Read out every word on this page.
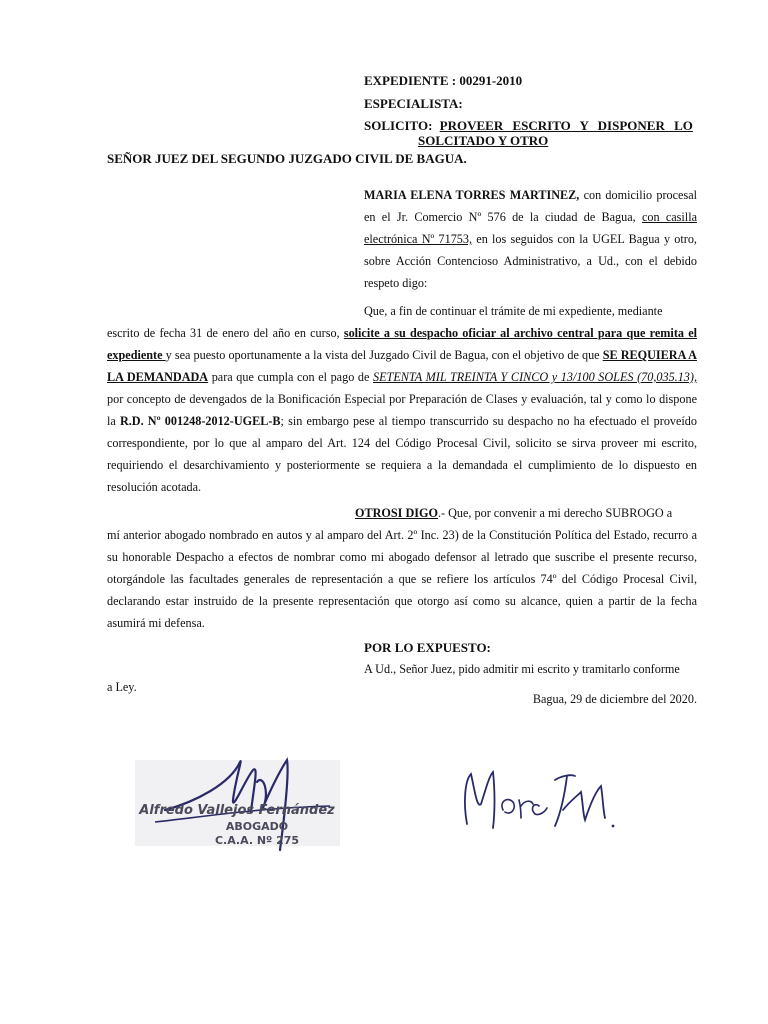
EXPEDIENTE : 00291-2010
ESPECIALISTA:
SOLICITO: PROVEER ESCRITO Y DISPONER LO
SOLCITADO Y OTRO
SEÑOR JUEZ DEL SEGUNDO JUZGADO CIVIL DE BAGUA.
MARIA ELENA TORRES MARTINEZ, con domicilio procesal en el Jr. Comercio Nº 576 de la ciudad de Bagua, con casilla electrónica Nº 71753, en los seguidos con la UGEL Bagua y otro, sobre Acción Contencioso Administrativo, a Ud., con el debido respeto digo:
Que, a fin de continuar el trámite de mi expediente, mediante
escrito de fecha 31 de enero del año en curso, solicite a su despacho oficiar al archivo central para que remita el expediente y sea puesto oportunamente a la vista del Juzgado Civil de Bagua, con el objetivo de que SE REQUIERA A LA DEMANDADA para que cumpla con el pago de SETENTA MIL TREINTA Y CINCO y 13/100 SOLES (70,035.13), por concepto de devengados de la Bonificación Especial por Preparación de Clases y evaluación, tal y como lo dispone la R.D. Nº 001248-2012-UGEL-B; sin embargo pese al tiempo transcurrido su despacho no ha efectuado el proveído correspondiente, por lo que al amparo del Art. 124 del Código Procesal Civil, solicito se sirva proveer mi escrito, requiriendo el desarchivamiento y posteriormente se requiera a la demandada el cumplimiento de lo dispuesto en resolución acotada.
OTROSI DIGO.- Que, por convenir a mi derecho SUBROGO a
mí anterior abogado nombrado en autos y al amparo del Art. 2º Inc. 23) de la Constitución Política del Estado, recurro a su honorable Despacho a efectos de nombrar como mi abogado defensor al letrado que suscribe el presente recurso, otorgándole las facultades generales de representación a que se refiere los artículos 74º del Código Procesal Civil, declarando estar instruido de la presente representación que otorgo así como su alcance, quien a partir de la fecha asumirá mi defensa.
POR LO EXPUESTO:
A Ud., Señor Juez, pido admitir mi escrito y tramitarlo conforme
a Ley.
Bagua, 29 de diciembre del 2020.
Alfredo Vallejos Fernández
ABOGADO
C.A.A. Nº 275
